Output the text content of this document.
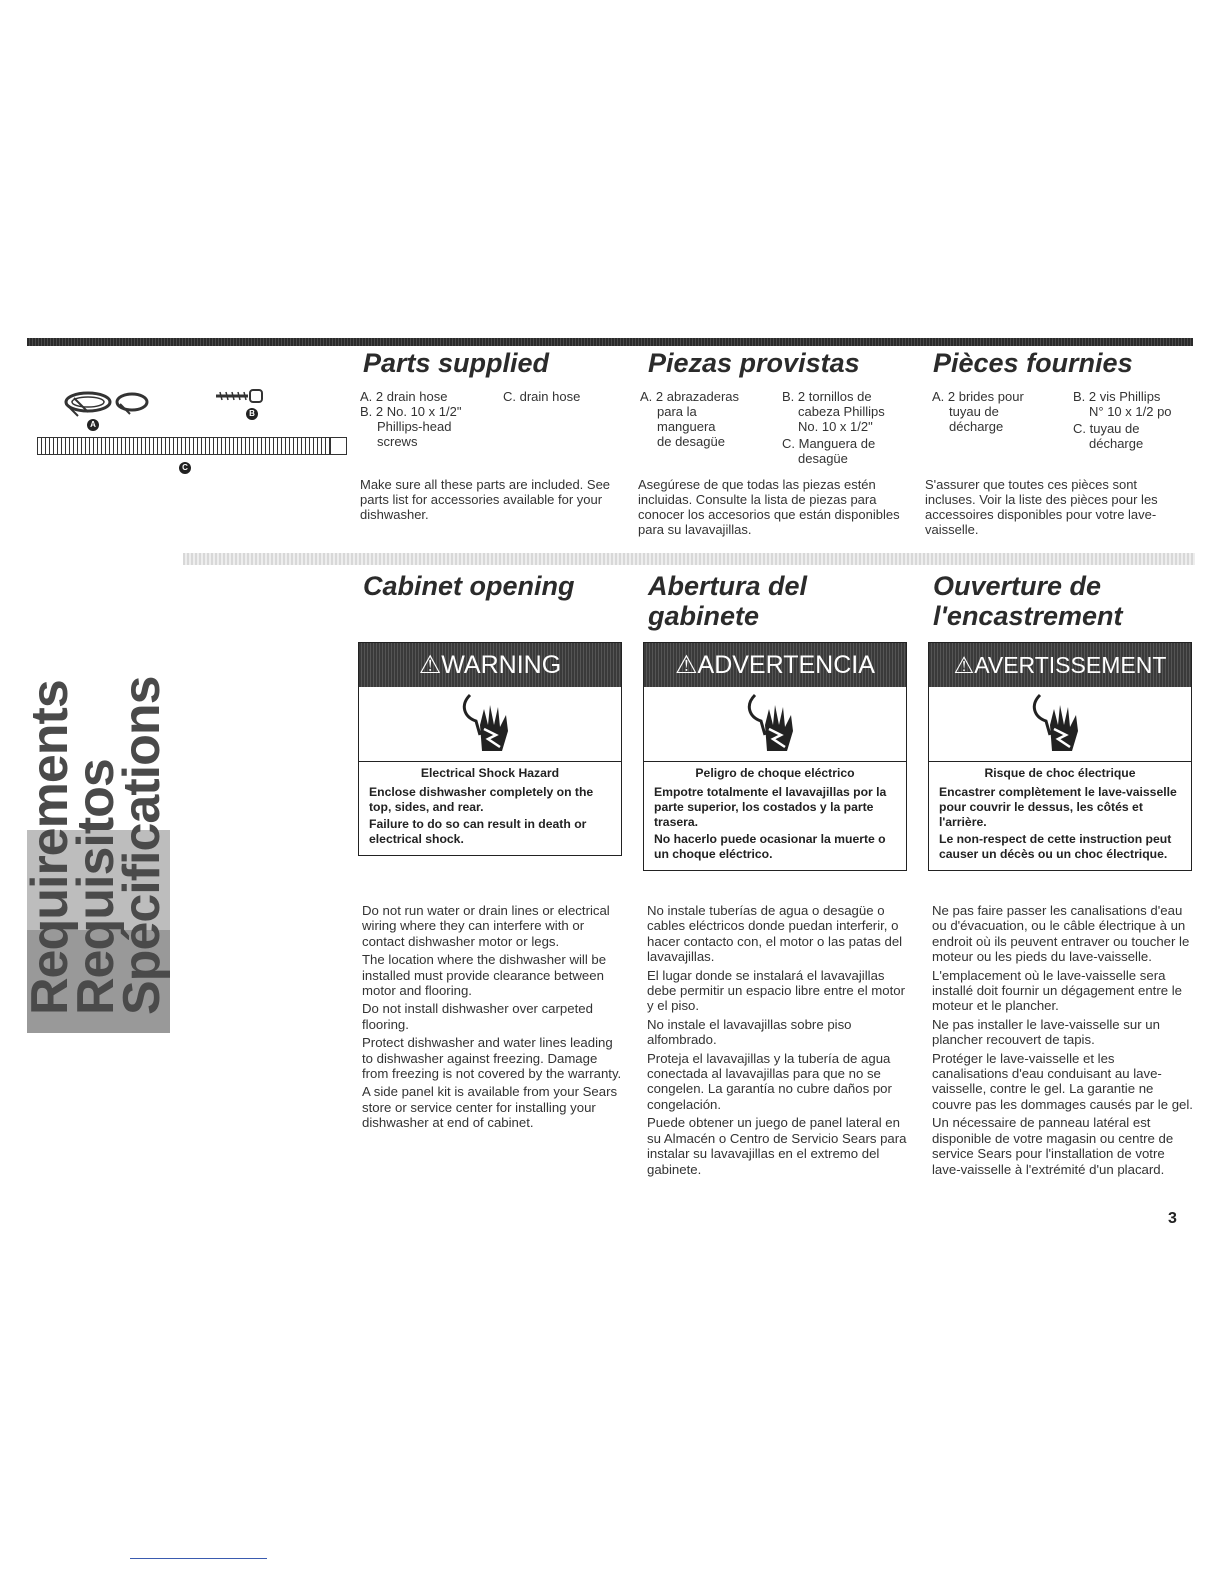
Requirements
Requisitos
Spécifications
A
B
C
Parts supplied
A. 2 drain hose
B. 2 No. 10 x 1/2"
Phillips-head
screws
C. drain hose
Make sure all these parts are included. See parts list for accessories available for your dishwasher.
Piezas provistas
A. 2 abrazaderas
para la
manguera
de desagüe
B. 2 tornillos de
cabeza Phillips
No. 10 x 1/2"
C. Manguera de
desagüe
Asegúrese de que todas las piezas estén incluidas. Consulte la lista de piezas para conocer los accesorios que están disponibles para su lavavajillas.
Pièces fournies
A. 2 brides pour
tuyau de
décharge
B. 2 vis Phillips
N° 10 x 1/2 po
C. tuyau de
décharge
S'assurer que toutes ces pièces sont incluses. Voir la liste des pièces pour les accessoires disponibles pour votre lave-vaisselle.
Cabinet opening	Abertura del
gabinete
Ouverture de
l'encastrement
⚠WARNING
Electrical Shock Hazard

Enclose dishwasher completely on the top, sides, and rear.

Failure to do so can result in death or electrical shock.

⚠ADVERTENCIA
Peligro de choque eléctrico

Empotre totalmente el lavavajillas por la parte superior, los costados y la parte trasera.

No hacerlo puede ocasionar la muerte o un choque eléctrico.

⚠AVERTISSEMENT
Risque de choc électrique

Encastrer complètement le lave-vaisselle pour couvrir le dessus, les côtés et l'arrière.

Le non-respect de cette instruction peut causer un décès ou un choc électrique.

Do not run water or drain lines or electrical wiring where they can interfere with or contact dishwasher motor or legs.

The location where the dishwasher will be installed must provide clearance between motor and flooring.

Do not install dishwasher over carpeted flooring.

Protect dishwasher and water lines leading to dishwasher against freezing. Damage from freezing is not covered by the warranty.

A side panel kit is available from your Sears store or service center for installing your dishwasher at end of cabinet.

No instale tuberías de agua o desagüe o cables eléctricos donde puedan interferir, o hacer contacto con, el motor o las patas del lavavajillas.

El lugar donde se instalará el lavavajillas debe permitir un espacio libre entre el motor y el piso.

No instale el lavavajillas sobre piso alfombrado.

Proteja el lavavajillas y la tubería de agua conectada al lavavajillas para que no se congelen. La garantía no cubre daños por congelación.

Puede obtener un juego de panel lateral en su Almacén o Centro de Servicio Sears para instalar su lavavajillas en el extremo del gabinete.

Ne pas faire passer les canalisations d'eau ou d'évacuation, ou le câble électrique à un endroit où ils peuvent entraver ou toucher le moteur ou les pieds du lave-vaisselle.

L'emplacement où le lave-vaisselle sera installé doit fournir un dégagement entre le moteur et le plancher.

Ne pas installer le lave-vaisselle sur un plancher recouvert de tapis.

Protéger le lave-vaisselle et les canalisations d'eau conduisant au lave-vaisselle, contre le gel. La garantie ne couvre pas les dommages causés par le gel.

Un nécessaire de panneau latéral est disponible de votre magasin ou centre de service Sears pour l'installation de votre lave-vaisselle à l'extrémité d'un placard.

3
